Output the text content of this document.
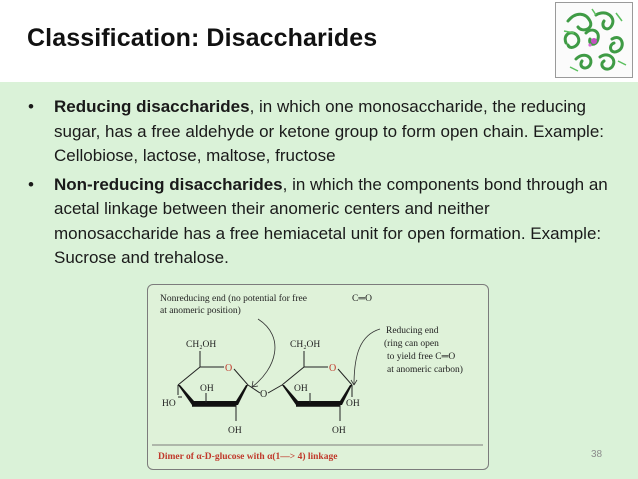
Classification: Disaccharides
• Reducing disaccharides, in which one monosaccharide, the reducing sugar, has a free aldehyde or ketone group to form open chain. Example: Cellobiose, lactose, maltose, fructose
• Non-reducing disaccharides, in which the components bond through an acetal linkage between their anomeric centers and neither monosaccharide has a free hemiacetal unit for open formation. Example: Sucrose and trehalose.
Nonreducing end (no potential for free
at anomeric position)
C═O
Reducing end
(ring can open
to yield free C═O
at anomeric carbon)
CH₂OH
O
HO
OH
OH
O
CH₂OH
O
OH
OH
OH
Dimer of α-D-glucose with α(1—> 4) linkage	38
